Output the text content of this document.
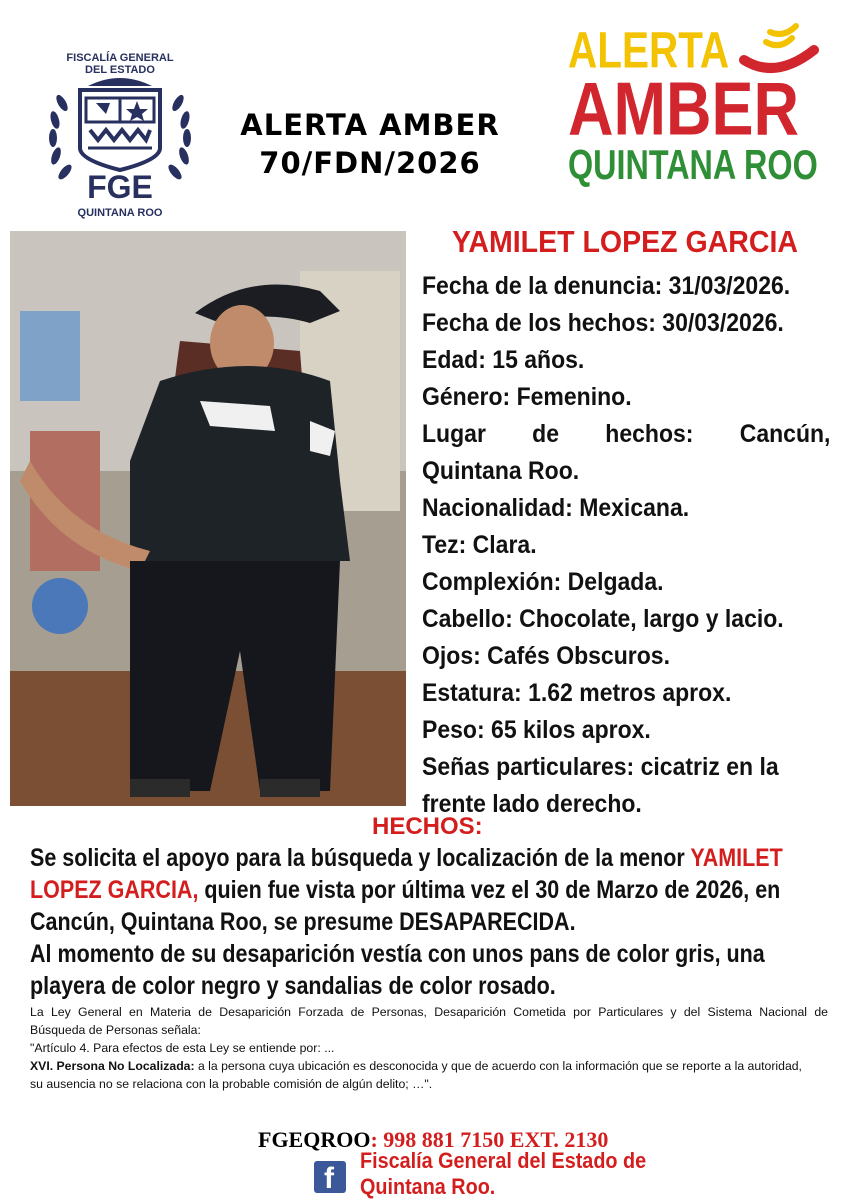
FISCALÍA GENERAL
DEL ESTADO
FGE
QUINTANA ROO
ALERTA AMBER
70/FDN/2026
ALERTA
AMBER
QUINTANA ROO
YAMILET LOPEZ GARCIA
Fecha de la denuncia: 31/03/2026.
Fecha de los hechos: 30/03/2026.
Edad: 15 años.
Género: Femenino.
Lugar de hechos: Cancún,
Quintana Roo.
Nacionalidad: Mexicana.
Tez: Clara.
Complexión: Delgada.
Cabello: Chocolate, largo y lacio.
Ojos: Cafés Obscuros.
Estatura: 1.62 metros aprox.
Peso: 65 kilos aprox.
Señas particulares: cicatriz en la
frente lado derecho.
HECHOS:
Se solicita el apoyo para la búsqueda y localización de la menor YAMILET
LOPEZ GARCIA, quien fue vista por última vez el 30 de Marzo de 2026, en
Cancún, Quintana Roo, se presume DESAPARECIDA.
Al momento de su desaparición vestía con unos pans de color gris, una
playera de color negro y sandalias de color rosado.
La Ley General en Materia de Desaparición Forzada de Personas, Desaparición Cometida por Particulares y del Sistema Nacional de
Búsqueda de Personas señala:
"Artículo 4. Para efectos de esta Ley se entiende por: ...
XVI. Persona No Localizada: a la persona cuya ubicación es desconocida y que de acuerdo con la información que se reporte a la autoridad,
su ausencia no se relaciona con la probable comisión de algún delito; …".
FGEQROO: 998 881 7150 EXT. 2130
f
Fiscalía General del Estado de
Quintana Roo.
